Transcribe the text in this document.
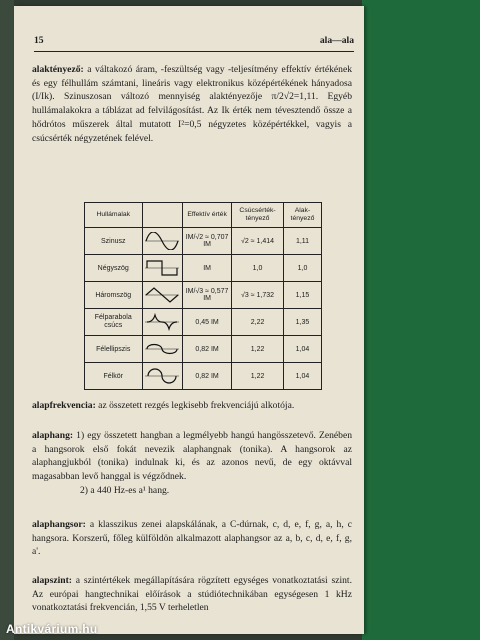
15	ala—ala
alaktényező: a váltakozó áram, -feszültség vagy -teljesítmény effektív értékének és egy félhullám számtani, lineáris vagy elektronikus középértékének hányadosa (I/Ik). Szinuszosan változó mennyiség alaktényezője π/2√2=1,11. Egyéb hullámalakokra a táblázat ad felvilágosítást. Az Ik érték nem tévesztendő össze a hődrótos műszerek által mutatott I²=0,5 négyzetes középértékkel, vagyis a csúcsérték négyzetének felével.
Hullámalak		Effektív érték	Csúcsérték-tényező	Alak-tényező
Szinusz		IM/√2 ≈ 0,707 IM	√2 ≈ 1,414	1,11
Négyszög		IM	1,0	1,0
Háromszög		IM/√3 ≈ 0,577 IM	√3 ≈ 1,732	1,15
Félparabola csúcs		0,45 IM	2,22	1,35
Félellipszis		0,82 IM	1,22	1,04
Félkör		0,82 IM	1,22	1,04
alapfrekvencia: az összetett rezgés legkisebb frekvenciájú alkotója.
alaphang: 1) egy összetett hangban a legmélyebb hangú hangösszetevő. Zenében a hangsorok első fokát nevezik alaphangnak (tonika). A hangsorok az alaphangjukból (tonika) indulnak ki, és az azonos nevű, de egy oktávval magasabban levő hanggal is végződnek.
2) a 440 Hz-es a¹ hang.
alaphangsor: a klasszikus zenei alapskálának, a C-dúrnak, c, d, e, f, g, a, h, c hangsora. Korszerű, főleg külföldön alkalmazott alaphangsor az a, b, c, d, e, f, g, a'.
alapszint: a szintértékek megállapítására rögzített egységes vonatkoztatási szint. Az európai hangtechnikai előírások a stúdiótechnikában egységesen 1 kHz vonatkoztatási frekvencián, 1,55 V terheletlen
Antikvárium.hu
